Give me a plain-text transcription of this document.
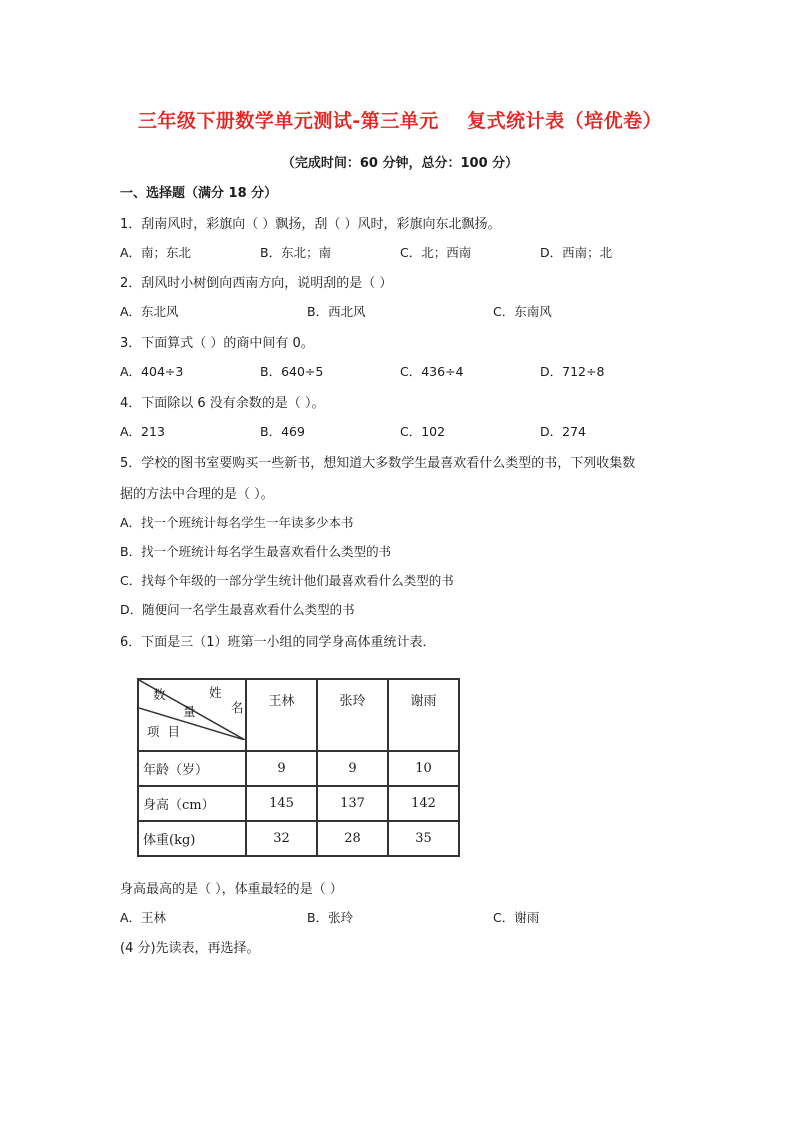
三年级下册数学单元测试-第三单元    复式统计表（培优卷）
（完成时间：60 分钟，总分：100 分）
一、选择题（满分 18 分）
1．刮南风时，彩旗向（ ）飘扬，刮（ ）风时，彩旗向东北飘扬。
A．南；东北	B．东北；南	C．北；西南	D．西南；北
2．刮风时小树倒向西南方向，说明刮的是（ ）
A．东北风	B．西北风	C．东南风
3．下面算式（ ）的商中间有 0。
A．404÷3	B．640÷5	C．436÷4	D．712÷8
4．下面除以 6 没有余数的是（ ）。
A．213	B．469	C．102	D．274
5．学校的图书室要购买一些新书，想知道大多数学生最喜欢看什么类型的书，下列收集数
据的方法中合理的是（ ）。
A．找一个班统计每名学生一年读多少本书
B．找一个班统计每名学生最喜欢看什么类型的书
C．找每个年级的一部分学生统计他们最喜欢看什么类型的书
D．随便问一名学生最喜欢看什么类型的书
6．下面是三（1）班第一小组的同学身高体重统计表．
姓
名
数
量
项  目	王林	张玲	谢雨
年龄（岁）	9	9	10
身高（cm）	145	137	142
体重(kg)	32	28	35
身高最高的是（ ），体重最轻的是（ ）
A．王林	B．张玲	C．谢雨
(4 分)先读表，再选择。
